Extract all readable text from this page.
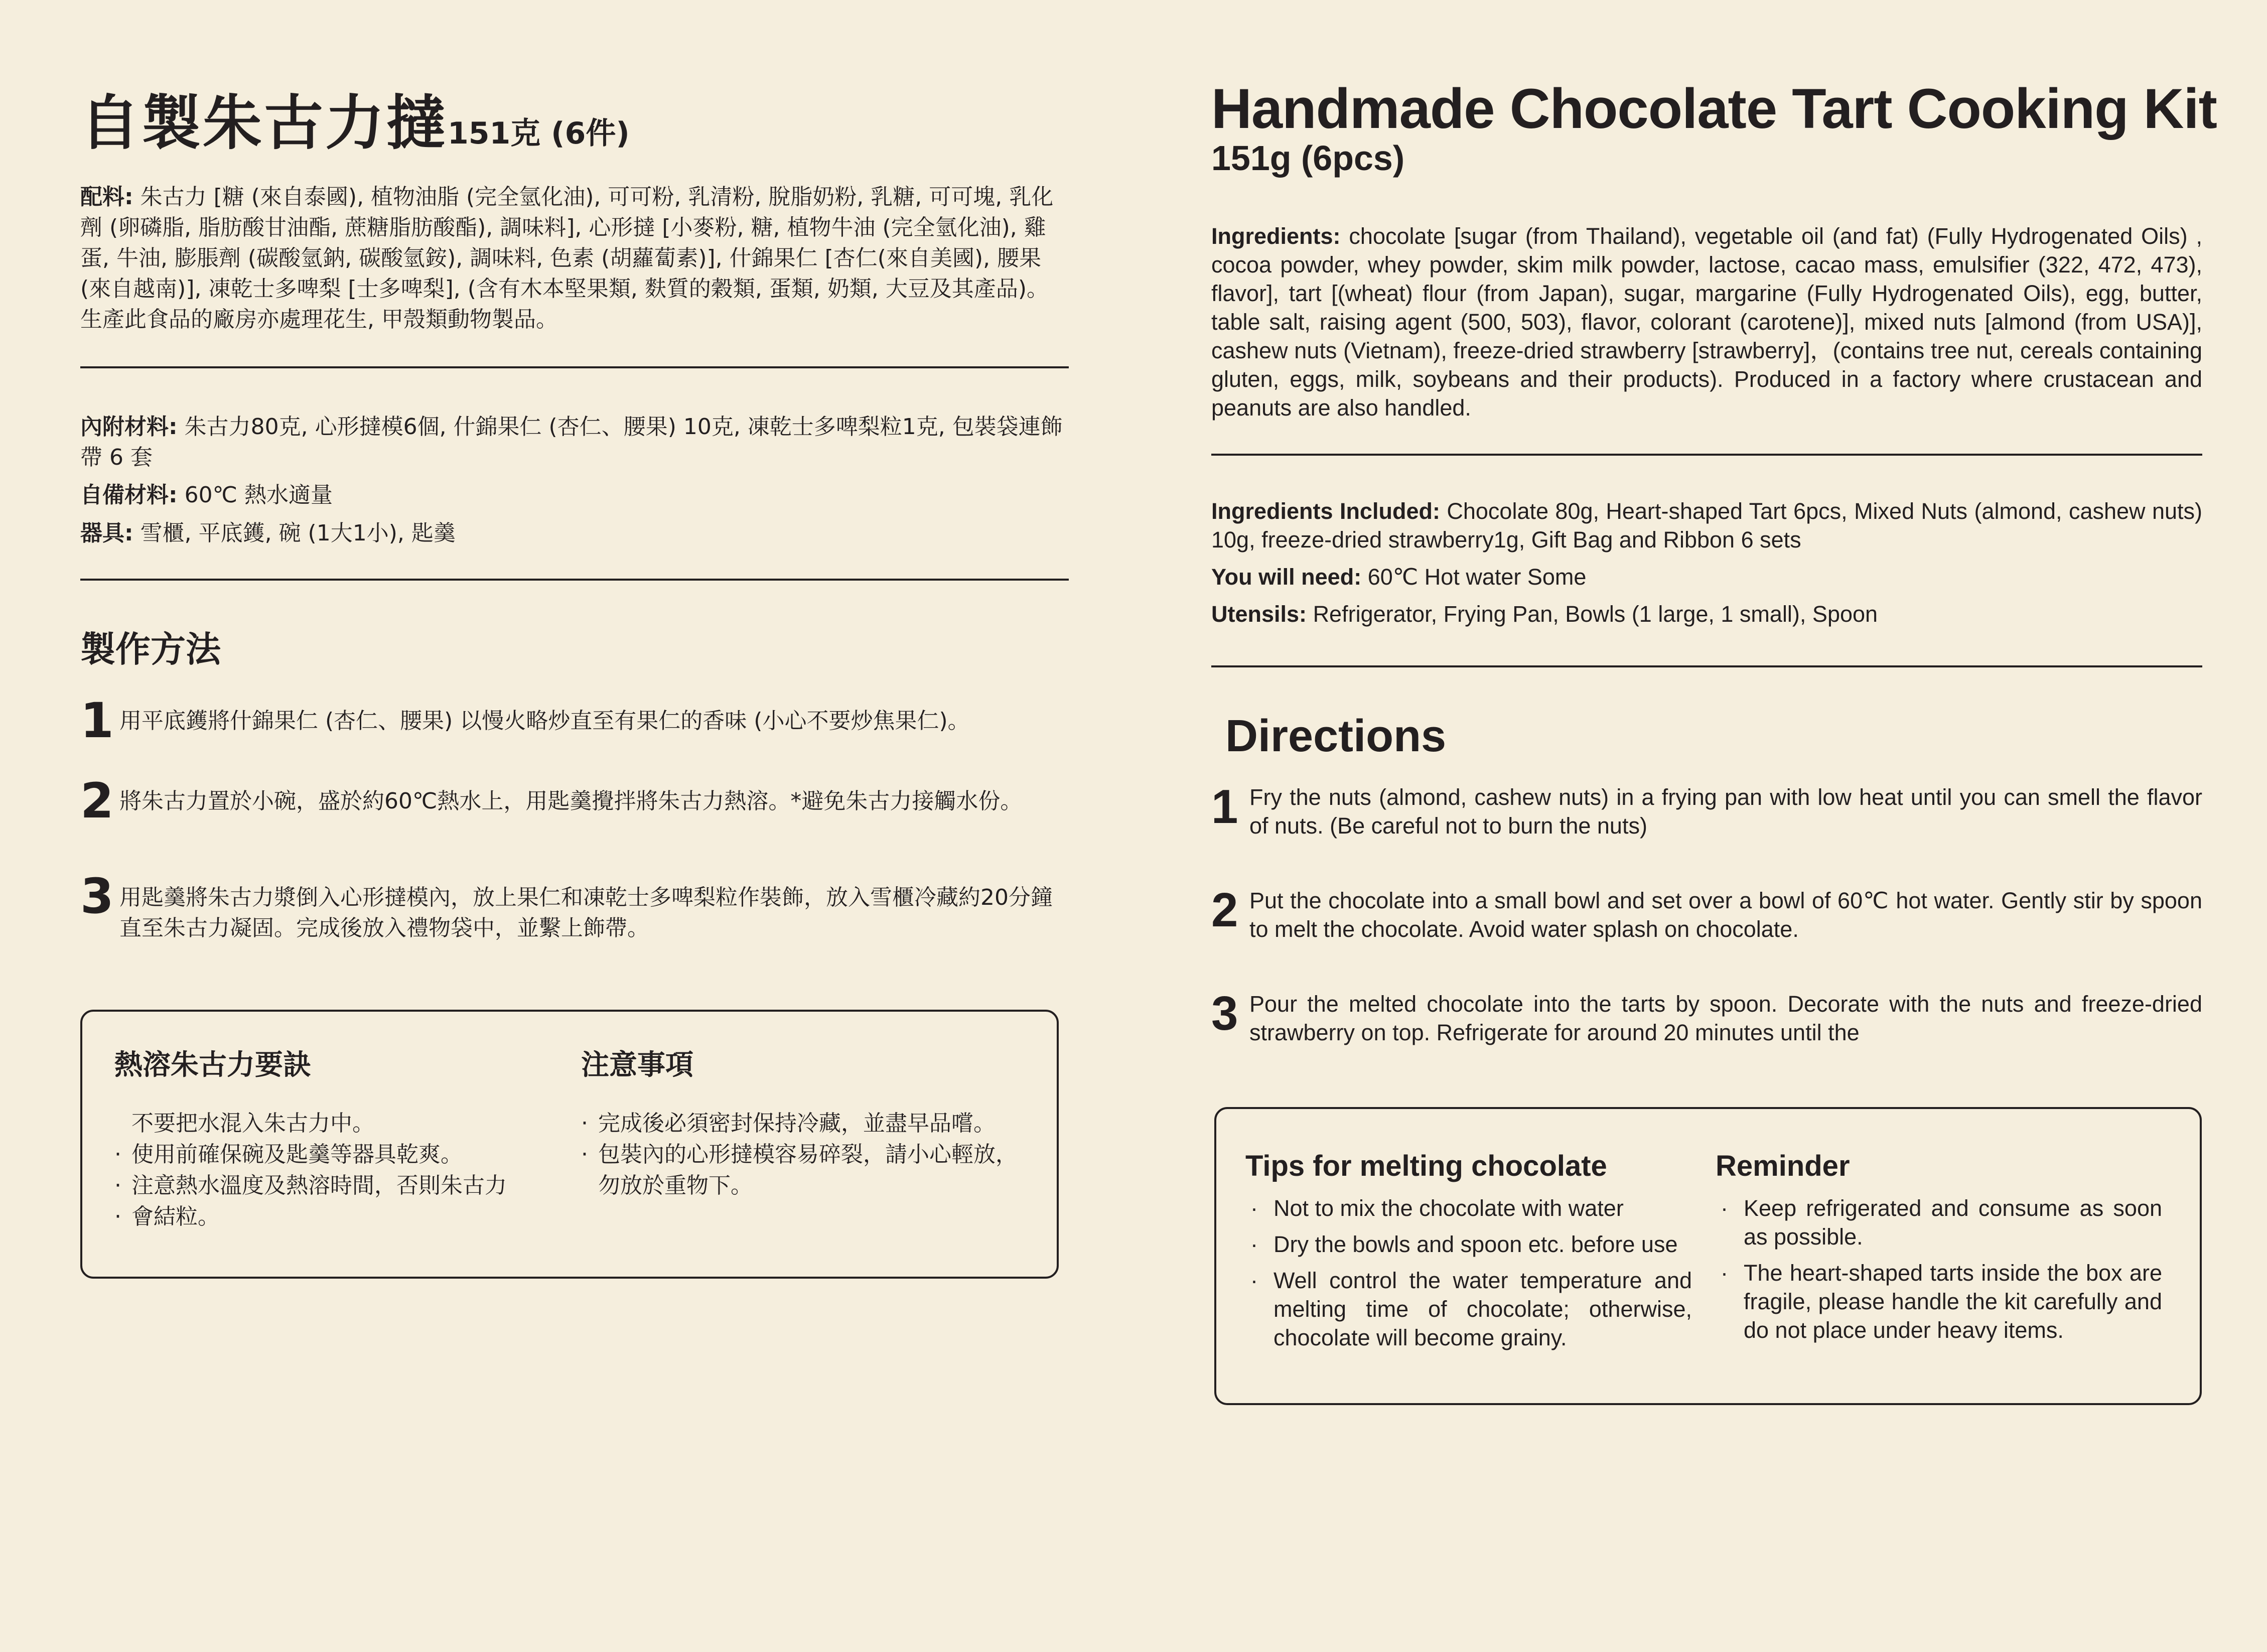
自製朱古力撻151克 (6件)
配料: 朱古力 [糖 (來自泰國), 植物油脂 (完全氫化油), 可可粉, 乳清粉, 脫脂奶粉, 乳糖, 可可塊, 乳化劑 (卵磷脂, 脂肪酸甘油酯, 蔗糖脂肪酸酯), 調味料], 心形撻 [小麥粉, 糖, 植物牛油 (完全氫化油), 雞蛋, 牛油, 膨脹劑 (碳酸氫鈉, 碳酸氫銨), 調味料, 色素 (胡蘿蔔素)], 什錦果仁 [杏仁(來自美國), 腰果(來自越南)], 凍乾士多啤梨 [士多啤梨], (含有木本堅果類, 麩質的穀類, 蛋類, 奶類, 大豆及其產品)。生產此食品的廠房亦處理花生, 甲殼類動物製品。
內附材料: 朱古力80克, 心形撻模6個, 什錦果仁 (杏仁、腰果) 10克, 凍乾士多啤梨粒1克, 包裝袋連飾帶 6 套
自備材料: 60℃ 熱水適量
器具: 雪櫃, 平底鑊, 碗 (1大1小), 匙羹
製作方法
1 用平底鑊將什錦果仁 (杏仁、腰果) 以慢火略炒直至有果仁的香味 (小心不要炒焦果仁)。
2 將朱古力置於小碗，盛於約60℃熱水上，用匙羹攪拌將朱古力熱溶。*避免朱古力接觸水份。
3 用匙羹將朱古力漿倒入心形撻模內，放上果仁和凍乾士多啤梨粒作裝飾，放入雪櫃冷藏約20分鐘直至朱古力凝固。完成後放入禮物袋中，並繫上飾帶。
熱溶朱古力要訣
不要把水混入朱古力中。
· 使用前確保碗及匙羹等器具乾爽。
· 注意熱水溫度及熱溶時間，否則朱古力
· 會結粒。
注意事項
· 完成後必須密封保持冷藏，並盡早品嚐。
· 包裝內的心形撻模容易碎裂，請小心輕放，勿放於重物下。
Handmade Chocolate Tart Cooking Kit
151g (6pcs)
Ingredients: chocolate [sugar (from Thailand), vegetable oil (and fat) (Fully Hydrogenated Oils) , cocoa powder, whey powder, skim milk powder, lactose, cacao mass, emulsifier (322, 472, 473), flavor], tart [(wheat) flour (from Japan), sugar, margarine (Fully Hydrogenated Oils), egg, butter, table salt, raising agent (500, 503), flavor, colorant (carotene)], mixed nuts [almond (from USA)], cashew nuts (Vietnam), freeze-dried strawberry [strawberry]，(contains tree nut, cereals containing gluten, eggs, milk, soybeans and their products). Produced in a factory where crustacean and peanuts are also handled.
Ingredients Included: Chocolate 80g, Heart-shaped Tart 6pcs, Mixed Nuts (almond, cashew nuts) 10g, freeze-dried strawberry1g, Gift Bag and Ribbon 6 sets
You will need: 60℃ Hot water Some
Utensils: Refrigerator, Frying Pan, Bowls (1 large, 1 small), Spoon
Directions
1 Fry the nuts (almond, cashew nuts) in a frying pan with low heat until you can smell the flavor of nuts. (Be careful not to burn the nuts)
2 Put the chocolate into a small bowl and set over a bowl of 60℃ hot water. Gently stir by spoon to melt the chocolate. Avoid water splash on chocolate.
3 Pour the melted chocolate into the tarts by spoon. Decorate with the nuts and freeze-dried strawberry on top. Refrigerate for around 20 minutes until the
Tips for melting chocolate
· Not to mix the chocolate with water
· Dry the bowls and spoon etc. before use
· Well control the water temperature and melting time of chocolate; otherwise, chocolate will become grainy.
Reminder
· Keep refrigerated and consume as soon as possible.
· The heart-shaped tarts inside the box are fragile, please handle the kit carefully and do not place under heavy items.
